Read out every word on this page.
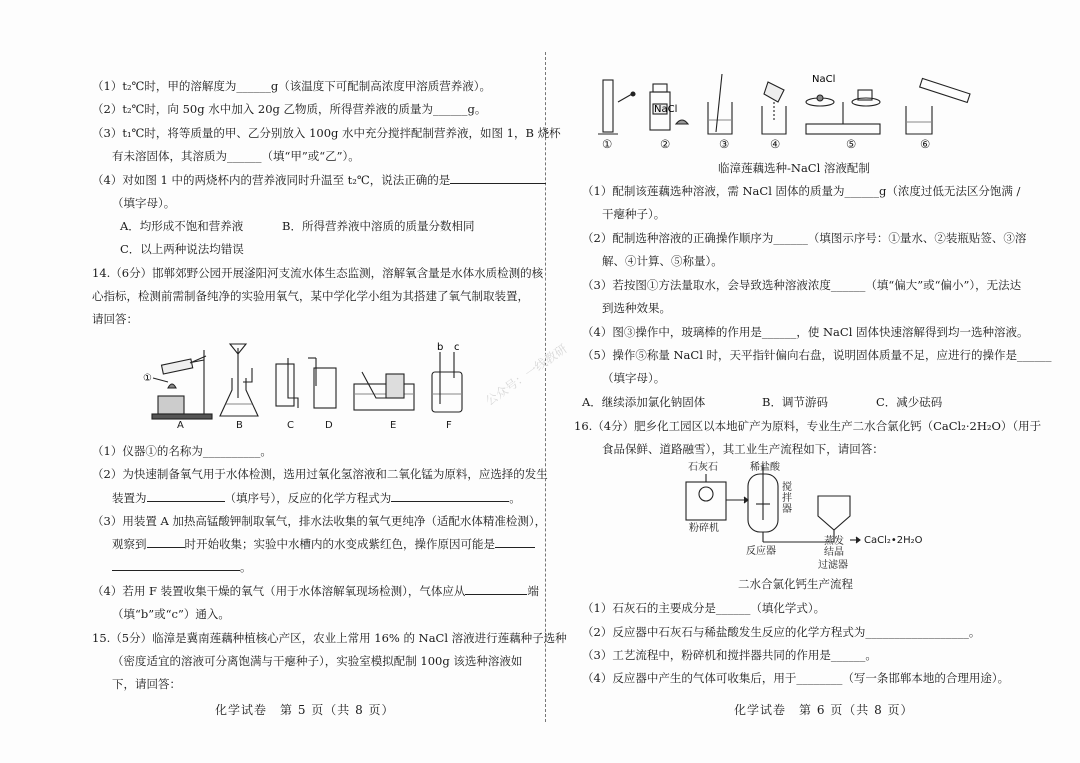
（1）t₂℃时，甲的溶解度为______g（该温度下可配制高浓度甲溶质营养液）。
（2）t₂℃时，向 50g 水中加入 20g 乙物质，所得营养液的质量为______g。
（3）t₁℃时，将等质量的甲、乙分别放入 100g 水中充分搅拌配制营养液，如图 1，B 烧杯
有未溶固体，其溶质为______（填“甲”或“乙”）。
（4）对如图 1 中的两烧杯内的营养液同时升温至 t₂℃，说法正确的是
（填字母）。
A．均形成不饱和营养液	B．所得营养液中溶质的质量分数相同
C．以上两种说法均错误
14.（6分）邯郸郊野公园开展滏阳河支流水体生态监测，溶解氧含量是水体水质检测的核
心指标，检测前需制备纯净的实验用氧气，某中学化学小组为其搭建了氧气制取装置，
请回答：
①
b c
A	B	C	D	E	F
（1）仪器①的名称为__________。
（2）为快速制备氧气用于水体检测，选用过氧化氢溶液和二氧化锰为原料，应选择的发生
装置为	（填序号），反应的化学方程式为	。
（3）用装置 A 加热高锰酸钾制取氧气，排水法收集的氧气更纯净（适配水体精准检测），
观察到	时开始收集；实验中水槽内的水变成紫红色，操作原因可能是
。
（4）若用 F 装置收集干燥的氧气（用于水体溶解氧现场检测），气体应从	端
（填“b”或“c”）通入。
15.（5分）临漳是冀南莲藕种植核心产区，农业上常用 16% 的 NaCl 溶液进行莲藕种子选种
（密度适宜的溶液可分离饱满与干瘪种子），实验室模拟配制 100g 该选种溶液如
下，请回答：
化学试卷　第 5 页（共 8 页）
NaCl
NaCl
①	②	③	④	⑤	⑥
临漳莲藕选种-NaCl 溶液配制
（1）配制该莲藕选种溶液，需 NaCl 固体的质量为______g（浓度过低无法区分饱满 /
干瘪种子）。
（2）配制选种溶液的正确操作顺序为______（填图示序号：①量水、②装瓶贴签、③溶
解、④计算、⑤称量）。
（3）若按图①方法量取水，会导致选种溶液浓度______（填“偏大”或“偏小”），无法达
到选种效果。
（4）图③操作中，玻璃棒的作用是______，使 NaCl 固体快速溶解得到均一选种溶液。
（5）操作⑤称量 NaCl 时，天平指针偏向右盘，说明固体质量不足，应进行的操作是______
（填字母）。
A．继续添加氯化钠固体	B．调节游码	C．减少砝码
16.（4分）肥乡化工园区以本地矿产为原料，专业生产二水合氯化钙（CaCl₂·2H₂O）（用于
食品保鲜、道路融雪），其工业生产流程如下，请回答：
石灰石	稀盐酸
粉碎机
搅拌器
反应器
蒸发结晶
过滤器
CaCl₂•2H₂O
二水合氯化钙生产流程
（1）石灰石的主要成分是______（填化学式）。
（2）反应器中石灰石与稀盐酸发生反应的化学方程式为__________________。
（3）工艺流程中，粉碎机和搅拌器共同的作用是______。
（4）反应器中产生的气体可收集后，用于________（写一条邯郸本地的合理用途）。
化学试卷　第 6 页（共 8 页）
公众号：一线教研
